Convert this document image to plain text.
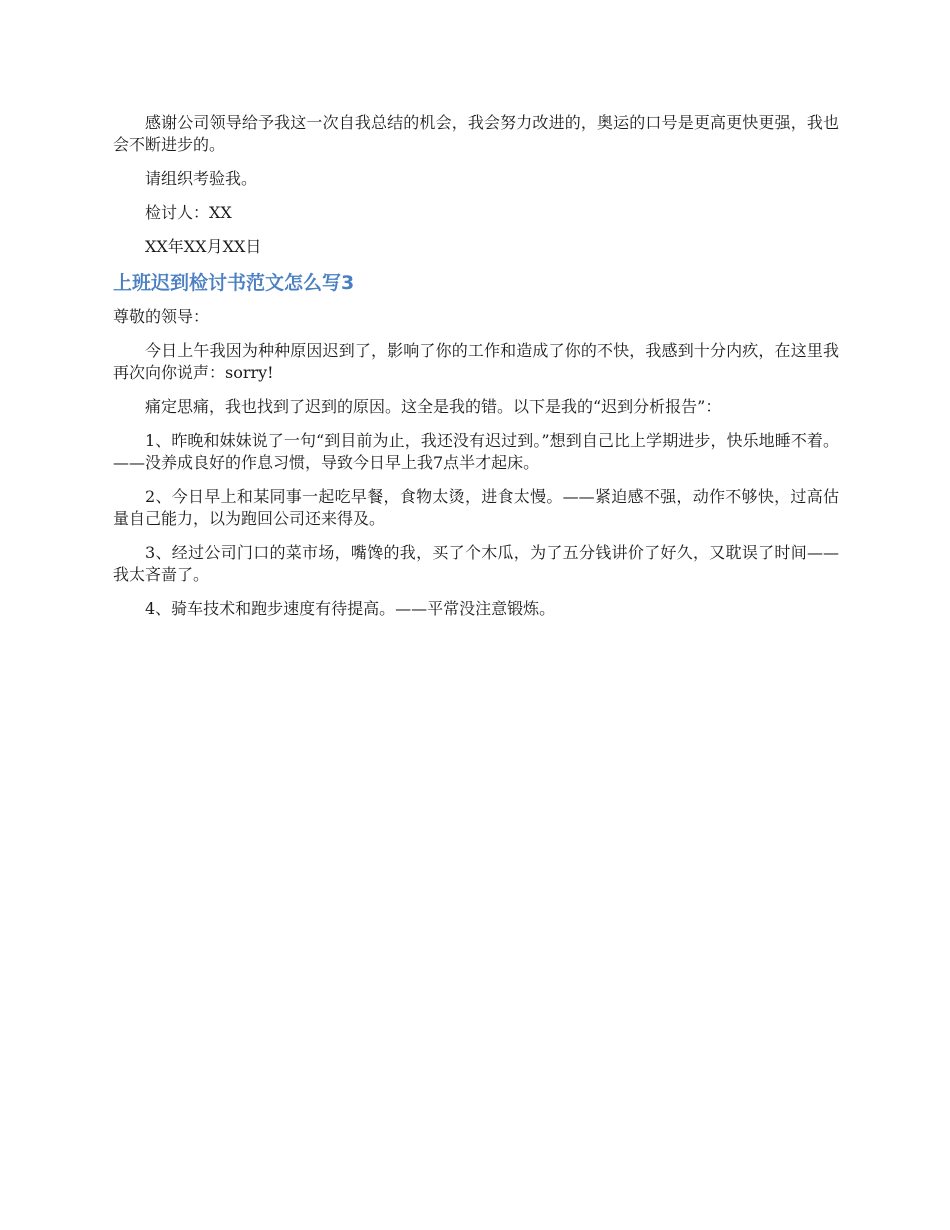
感谢公司领导给予我这一次自我总结的机会，我会努力改进的，奥运的口号是更高更快更强，我也会不断进步的。

请组织考验我。

检讨人：XX

XX年XX月XX日

上班迟到检讨书范文怎么写3

尊敬的领导：

今日上午我因为种种原因迟到了，影响了你的工作和造成了你的不快，我感到十分内疚，在这里我再次向你说声：sorry!

痛定思痛，我也找到了迟到的原因。这全是我的错。以下是我的“迟到分析报告”：

1、昨晚和妹妹说了一句“到目前为止，我还没有迟过到。”想到自己比上学期进步，快乐地睡不着。——没养成良好的作息习惯，导致今日早上我7点半才起床。

2、今日早上和某同事一起吃早餐，食物太烫，进食太慢。——紧迫感不强，动作不够快，过高估量自己能力，以为跑回公司还来得及。

3、经过公司门口的菜市场，嘴馋的我，买了个木瓜，为了五分钱讲价了好久，又耽误了时间——我太吝啬了。

4、骑车技术和跑步速度有待提高。——平常没注意锻炼。
